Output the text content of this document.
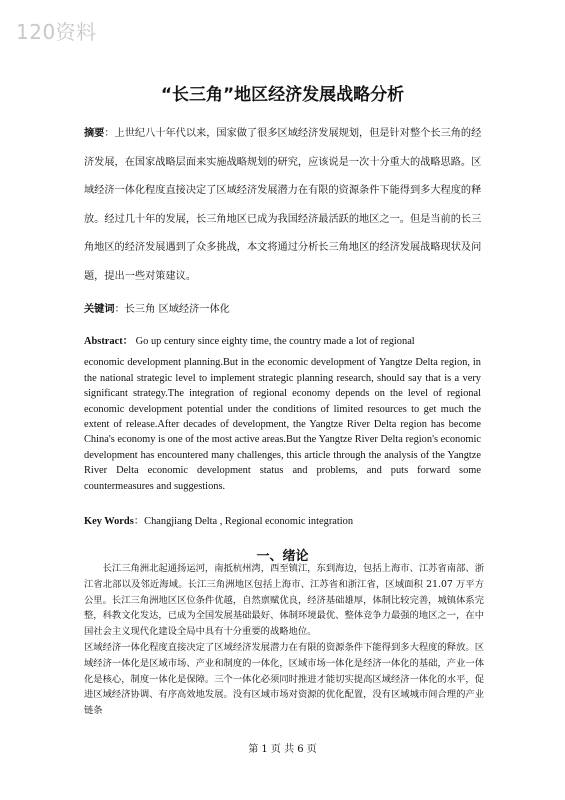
120资料
“长三角”地区经济发展战略分析
摘要：上世纪八十年代以来，国家做了很多区域经济发展规划，但是针对整个长三角的经济发展，在国家战略层面来实施战略规划的研究，应该说是一次十分重大的战略思路。区域经济一体化程度直接决定了区域经济发展潜力在有限的资源条件下能得到多大程度的释放。经过几十年的发展，长三角地区已成为我国经济最活跃的地区之一。但是当前的长三角地区的经济发展遇到了众多挑战，本文将通过分析长三角地区的经济发展战略现状及问题，提出一些对策建议。
关键词：长三角 区域经济一体化
Abstract： Go up century since eighty time, the country made a lot of regional
economic development planning.But in the economic development of Yangtze Delta region, in the national strategic level to implement strategic planning research, should say that is a very significant strategy.The integration of regional economy depends on the level of regional economic development potential under the conditions of limited resources to get much the extent of release.After decades of development, the Yangtze River Delta region has become China's economy is one of the most active areas.But the Yangtze River Delta region's economic development has encountered many challenges, this article through the analysis of the Yangtze River Delta economic development status and problems, and puts forward some countermeasures and suggestions.
Key Words：Changjiang Delta , Regional economic integration
一、绪论

长江三角洲北起通扬运河，南抵杭州湾，西至镇江，东到海边，包括上海市、江苏省南部、浙江省北部以及邻近海域。长江三角洲地区包括上海市、江苏省和浙江省，区域面积 21.07 万平方公里。长江三角洲地区区位条件优越，自然禀赋优良，经济基础雄厚，体制比较完善，城镇体系完整，科教文化发达，已成为全国发展基础最好、体制环境最优、整体竞争力最强的地区之一，在中国社会主义现代化建设全局中具有十分重要的战略地位。

区域经济一体化程度直接决定了区域经济发展潜力在有限的资源条件下能得到多大程度的释放。区域经济一体化是区域市场、产业和制度的一体化，区域市场一体化是经济一体化的基础，产业一体化是核心，制度一体化是保障。三个一体化必须同时推进才能切实提高区域经济一体化的水平，促进区域经济协调、有序高效地发展。没有区域市场对资源的优化配置，没有区域城市间合理的产业链条

第 1 页 共 6 页
